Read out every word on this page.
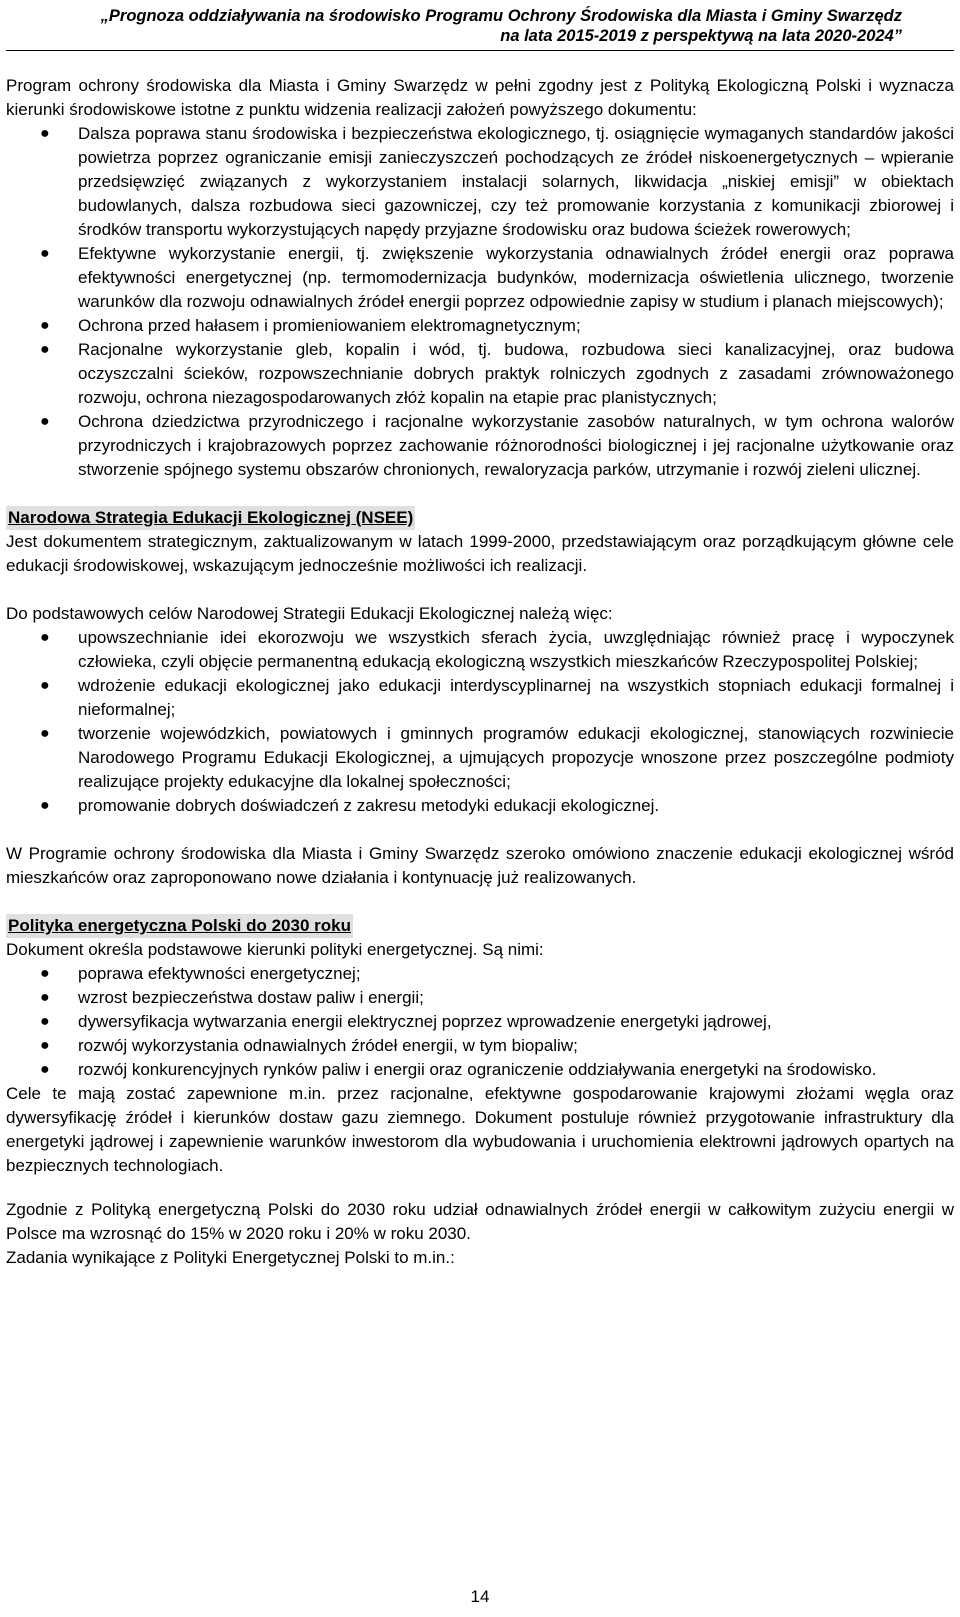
„Prognoza oddziaływania na środowisko Programu Ochrony Środowiska dla Miasta i Gminy Swarzędz
na lata 2015-2019 z perspektywą na lata 2020-2024”

Program ochrony środowiska dla Miasta i Gminy Swarzędz w pełni zgodny jest z Polityką Ekologiczną Polski i wyznacza kierunki środowiskowe istotne z punktu widzenia realizacji założeń powyższego dokumentu:

● Dalsza poprawa stanu środowiska i bezpieczeństwa ekologicznego, tj. osiągnięcie wymaganych standardów jakości powietrza poprzez ograniczanie emisji zanieczyszczeń pochodzących ze źródeł niskoenergetycznych – wpieranie przedsięwzięć związanych z wykorzystaniem instalacji solarnych, likwidacja „niskiej emisji” w obiektach budowlanych, dalsza rozbudowa sieci gazowniczej, czy też promowanie korzystania z komunikacji zbiorowej i środków transportu wykorzystujących napędy przyjazne środowisku oraz budowa ścieżek rowerowych;
● Efektywne wykorzystanie energii, tj. zwiększenie wykorzystania odnawialnych źródeł energii oraz poprawa efektywności energetycznej (np. termomodernizacja budynków, modernizacja oświetlenia ulicznego, tworzenie warunków dla rozwoju odnawialnych źródeł energii poprzez odpowiednie zapisy w studium i planach miejscowych);
● Ochrona przed hałasem i promieniowaniem elektromagnetycznym;
● Racjonalne wykorzystanie gleb, kopalin i wód, tj. budowa, rozbudowa sieci kanalizacyjnej, oraz budowa oczyszczalni ścieków, rozpowszechnianie dobrych praktyk rolniczych zgodnych z zasadami zrównoważonego rozwoju, ochrona niezagospodarowanych złóż kopalin na etapie prac planistycznych;
● Ochrona dziedzictwa przyrodniczego i racjonalne wykorzystanie zasobów naturalnych, w tym ochrona walorów przyrodniczych i krajobrazowych poprzez zachowanie różnorodności biologicznej i jej racjonalne użytkowanie oraz stworzenie spójnego systemu obszarów chronionych, rewaloryzacja parków, utrzymanie i rozwój zieleni ulicznej.
Narodowa Strategia Edukacji Ekologicznej (NSEE)

Jest dokumentem strategicznym, zaktualizowanym w latach 1999-2000, przedstawiającym oraz porządkującym główne cele edukacji środowiskowej, wskazującym jednocześnie możliwości ich realizacji.

Do podstawowych celów Narodowej Strategii Edukacji Ekologicznej należą więc:

● upowszechnianie idei ekorozwoju we wszystkich sferach życia, uwzględniając również pracę i wypoczynek człowieka, czyli objęcie permanentną edukacją ekologiczną wszystkich mieszkańców Rzeczypospolitej Polskiej;
● wdrożenie edukacji ekologicznej jako edukacji interdyscyplinarnej na wszystkich stopniach edukacji formalnej i nieformalnej;
● tworzenie wojewódzkich, powiatowych i gminnych programów edukacji ekologicznej, stanowiących rozwiniecie Narodowego Programu Edukacji Ekologicznej, a ujmujących propozycje wnoszone przez poszczególne podmioty realizujące projekty edukacyjne dla lokalnej społeczności;
● promowanie dobrych doświadczeń z zakresu metodyki edukacji ekologicznej.

W Programie ochrony środowiska dla Miasta i Gminy Swarzędz szeroko omówiono znaczenie edukacji ekologicznej wśród mieszkańców oraz zaproponowano nowe działania i kontynuację już realizowanych.

Polityka energetyczna Polski do 2030 roku

Dokument określa podstawowe kierunki polityki energetycznej. Są nimi:

● poprawa efektywności energetycznej;
● wzrost bezpieczeństwa dostaw paliw i energii;
● dywersyfikacja wytwarzania energii elektrycznej poprzez wprowadzenie energetyki jądrowej,
● rozwój wykorzystania odnawialnych źródeł energii, w tym biopaliw;
● rozwój konkurencyjnych rynków paliw i energii oraz ograniczenie oddziaływania energetyki na środowisko.

Cele te mają zostać zapewnione m.in. przez racjonalne, efektywne gospodarowanie krajowymi złożami węgla oraz dywersyfikację źródeł i kierunków dostaw gazu ziemnego. Dokument postuluje również przygotowanie infrastruktury dla energetyki jądrowej i zapewnienie warunków inwestorom dla wybudowania i uruchomienia elektrowni jądrowych opartych na bezpiecznych technologiach.

Zgodnie z Polityką energetyczną Polski do 2030 roku udział odnawialnych źródeł energii w całkowitym zużyciu energii w Polsce ma wzrosnąć do 15% w 2020 roku i 20% w roku 2030.

Zadania wynikające z Polityki Energetycznej Polski to m.in.:

14
